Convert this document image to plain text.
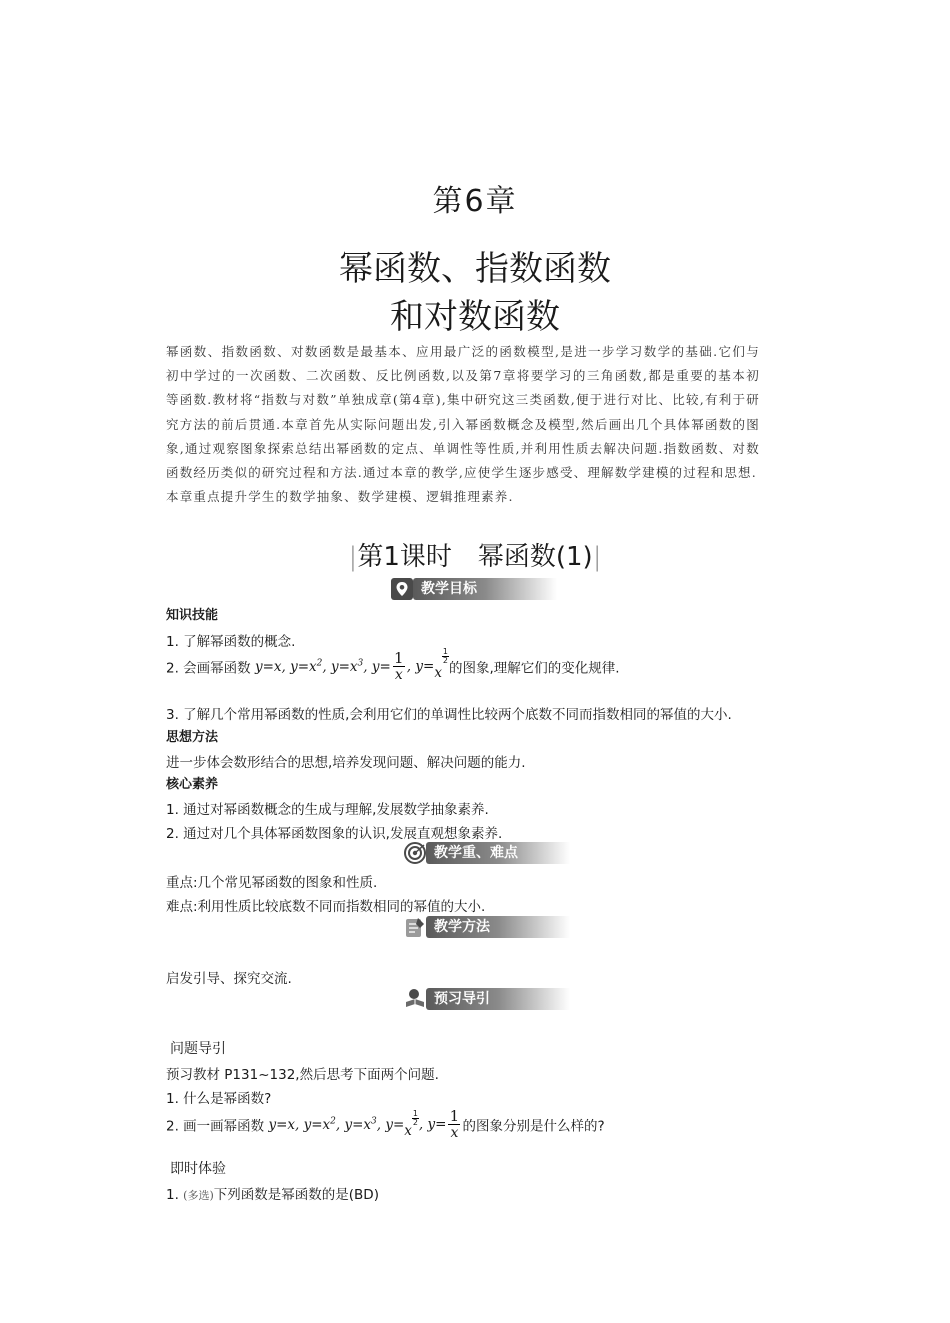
第6章
幂函数、指数函数
和对数函数

幂函数、指数函数、对数函数是最基本、应用最广泛的函数模型,是进一步学习数学的基础.它们与初中学过的一次函数、二次函数、反比例函数,以及第7章将要学习的三角函数,都是重要的基本初等函数.教材将“指数与对数”单独成章(第4章),集中研究这三类函数,便于进行对比、比较,有利于研究方法的前后贯通.本章首先从实际问题出发,引入幂函数概念及模型,然后画出几个具体幂函数的图象,通过观察图象探索总结出幂函数的定点、单调性等性质,并利用性质去解决问题.指数函数、对数函数经历类似的研究过程和方法.通过本章的教学,应使学生逐步感受、理解数学建模的过程和思想.

本章重点提升学生的数学抽象、数学建模、逻辑推理素养.

|第1课时　幂函数(1)|
教学目标
知识技能
1. 了解幂函数的概念.
2. 会画幂函数 y=x, $y=x^2$, $y=x^3$, $y= \frac{1}{x}$ , y=x
$\frac{1}{2}$
的图象,理解它们的变化规律.
3. 了解几个常用幂函数的性质,会利用它们的单调性比较两个底数不同而指数相同的幂值的大小.
思想方法
进一步体会数形结合的思想,培养发现问题、解决问题的能力.
核心素养
1. 通过对幂函数概念的生成与理解,发展数学抽象素养.
2. 通过对几个具体幂函数图象的认识,发展直观想象素养.
教学重、难点
重点:几个常见幂函数的图象和性质.
难点:利用性质比较底数不同而指数相同的幂值的大小.
教学方法
启发引导、探究交流.
预习导引
问题导引
预习教材 P131~132,然后思考下面两个问题.
1. 什么是幂函数?
2. 画一画幂函数 y=x, $y=x^2$, $y=x^3$, y=x
$\frac{1}{2}$ , $y= \frac{1}{x}$ 的图象分别是什么样的?
即时体验
1. (多选)下列函数是幂函数的是(BD)
